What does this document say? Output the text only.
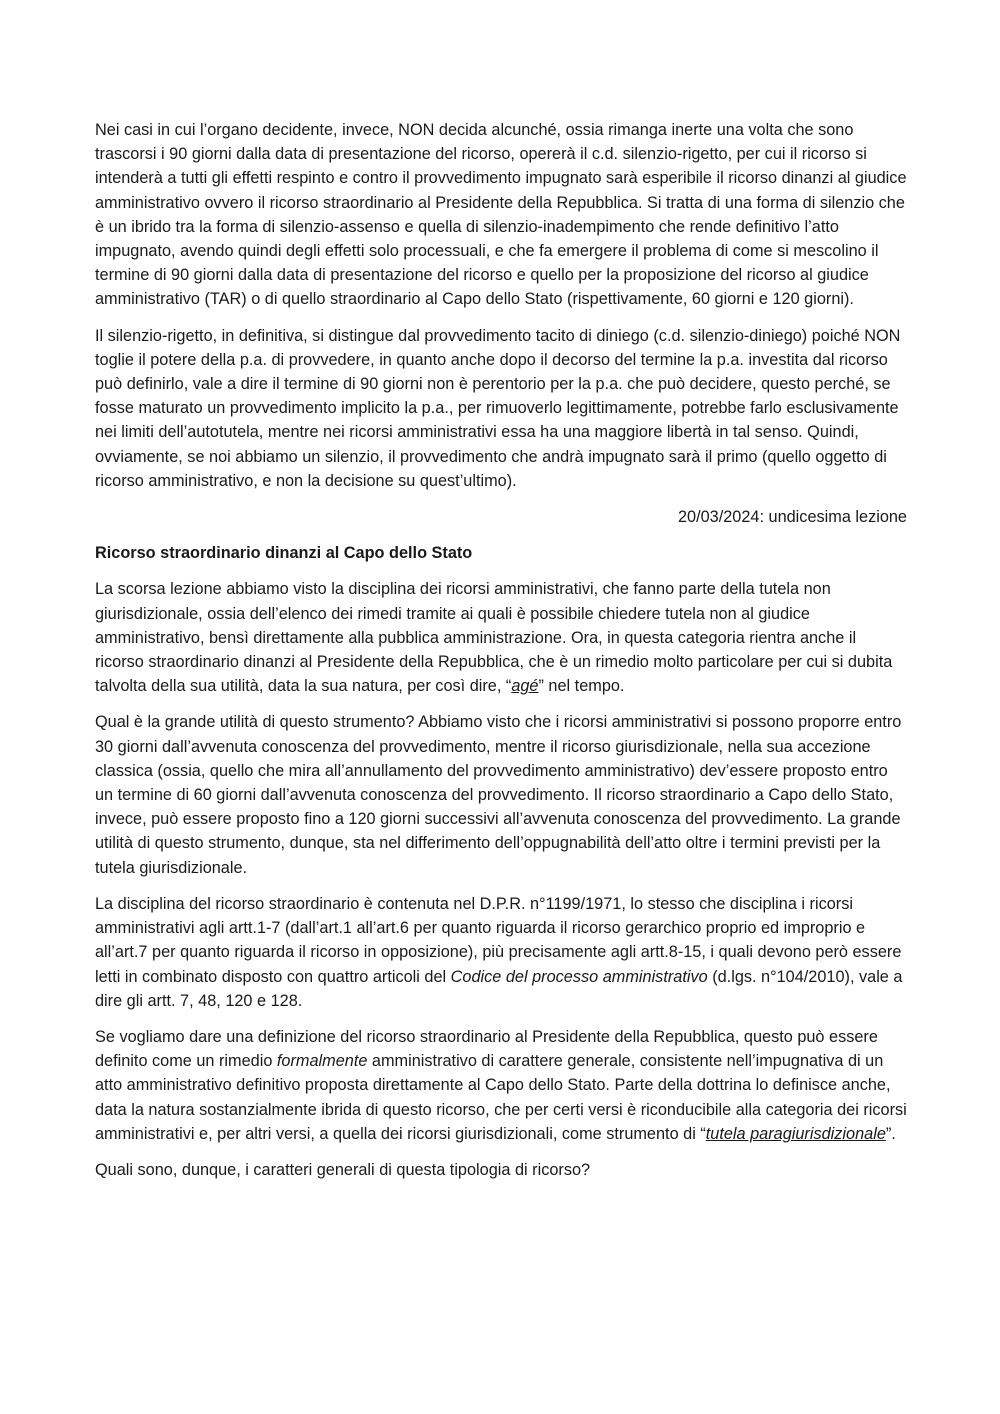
Nei casi in cui l’organo decidente, invece, NON decida alcunché, ossia rimanga inerte una volta che sono trascorsi i 90 giorni dalla data di presentazione del ricorso, opererà il c.d. silenzio-rigetto, per cui il ricorso si intenderà a tutti gli effetti respinto e contro il provvedimento impugnato sarà esperibile il ricorso dinanzi al giudice amministrativo ovvero il ricorso straordinario al Presidente della Repubblica. Si tratta di una forma di silenzio che è un ibrido tra la forma di silenzio-assenso e quella di silenzio-inadempimento che rende definitivo l’atto impugnato, avendo quindi degli effetti solo processuali, e che fa emergere il problema di come si mescolino il termine di 90 giorni dalla data di presentazione del ricorso e quello per la proposizione del ricorso al giudice amministrativo (TAR) o di quello straordinario al Capo dello Stato (rispettivamente, 60 giorni e 120 giorni).

Il silenzio-rigetto, in definitiva, si distingue dal provvedimento tacito di diniego (c.d. silenzio-diniego) poiché NON toglie il potere della p.a. di provvedere, in quanto anche dopo il decorso del termine la p.a. investita dal ricorso può definirlo, vale a dire il termine di 90 giorni non è perentorio per la p.a. che può decidere, questo perché, se fosse maturato un provvedimento implicito la p.a., per rimuoverlo legittimamente, potrebbe farlo esclusivamente nei limiti dell’autotutela, mentre nei ricorsi amministrativi essa ha una maggiore libertà in tal senso. Quindi, ovviamente, se noi abbiamo un silenzio, il provvedimento che andrà impugnato sarà il primo (quello oggetto di ricorso amministrativo, e non la decisione su quest’ultimo).

20/03/2024: undicesima lezione
Ricorso straordinario dinanzi al Capo dello Stato

La scorsa lezione abbiamo visto la disciplina dei ricorsi amministrativi, che fanno parte della tutela non giurisdizionale, ossia dell’elenco dei rimedi tramite ai quali è possibile chiedere tutela non al giudice amministrativo, bensì direttamente alla pubblica amministrazione. Ora, in questa categoria rientra anche il ricorso straordinario dinanzi al Presidente della Repubblica, che è un rimedio molto particolare per cui si dubita talvolta della sua utilità, data la sua natura, per così dire, “agé” nel tempo.

Qual è la grande utilità di questo strumento? Abbiamo visto che i ricorsi amministrativi si possono proporre entro 30 giorni dall’avvenuta conoscenza del provvedimento, mentre il ricorso giurisdizionale, nella sua accezione classica (ossia, quello che mira all’annullamento del provvedimento amministrativo) dev’essere proposto entro un termine di 60 giorni dall’avvenuta conoscenza del provvedimento. Il ricorso straordinario a Capo dello Stato, invece, può essere proposto fino a 120 giorni successivi all’avvenuta conoscenza del provvedimento. La grande utilità di questo strumento, dunque, sta nel differimento dell’oppugnabilità dell’atto oltre i termini previsti per la tutela giurisdizionale.

La disciplina del ricorso straordinario è contenuta nel D.P.R. n°1199/1971, lo stesso che disciplina i ricorsi amministrativi agli artt.1-7 (dall’art.1 all’art.6 per quanto riguarda il ricorso gerarchico proprio ed improprio e all’art.7 per quanto riguarda il ricorso in opposizione), più precisamente agli artt.8-15, i quali devono però essere letti in combinato disposto con quattro articoli del Codice del processo amministrativo (d.lgs. n°104/2010), vale a dire gli artt. 7, 48, 120 e 128.

Se vogliamo dare una definizione del ricorso straordinario al Presidente della Repubblica, questo può essere definito come un rimedio formalmente amministrativo di carattere generale, consistente nell’impugnativa di un atto amministrativo definitivo proposta direttamente al Capo dello Stato. Parte della dottrina lo definisce anche, data la natura sostanzialmente ibrida di questo ricorso, che per certi versi è riconducibile alla categoria dei ricorsi amministrativi e, per altri versi, a quella dei ricorsi giurisdizionali, come strumento di “tutela paragiurisdizionale”.

Quali sono, dunque, i caratteri generali di questa tipologia di ricorso?
